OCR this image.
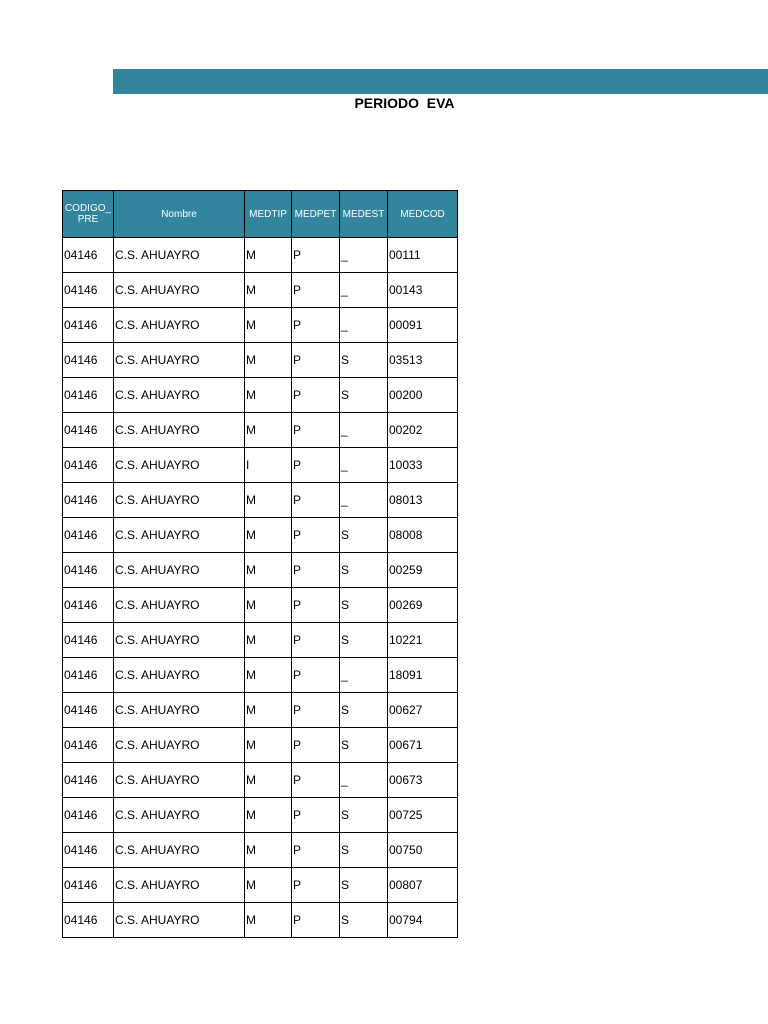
PERIODO  EVA
CODIGO_
PRE	Nombre	MEDTIP	MEDPET	MEDEST	MEDCOD
04146	C.S. AHUAYRO	M	P	_	00111
04146	C.S. AHUAYRO	M	P	_	00143
04146	C.S. AHUAYRO	M	P	_	00091
04146	C.S. AHUAYRO	M	P	S	03513
04146	C.S. AHUAYRO	M	P	S	00200
04146	C.S. AHUAYRO	M	P	_	00202
04146	C.S. AHUAYRO	I	P	_	10033
04146	C.S. AHUAYRO	M	P	_	08013
04146	C.S. AHUAYRO	M	P	S	08008
04146	C.S. AHUAYRO	M	P	S	00259
04146	C.S. AHUAYRO	M	P	S	00269
04146	C.S. AHUAYRO	M	P	S	10221
04146	C.S. AHUAYRO	M	P	_	18091
04146	C.S. AHUAYRO	M	P	S	00627
04146	C.S. AHUAYRO	M	P	S	00671
04146	C.S. AHUAYRO	M	P	_	00673
04146	C.S. AHUAYRO	M	P	S	00725
04146	C.S. AHUAYRO	M	P	S	00750
04146	C.S. AHUAYRO	M	P	S	00807
04146	C.S. AHUAYRO	M	P	S	00794
